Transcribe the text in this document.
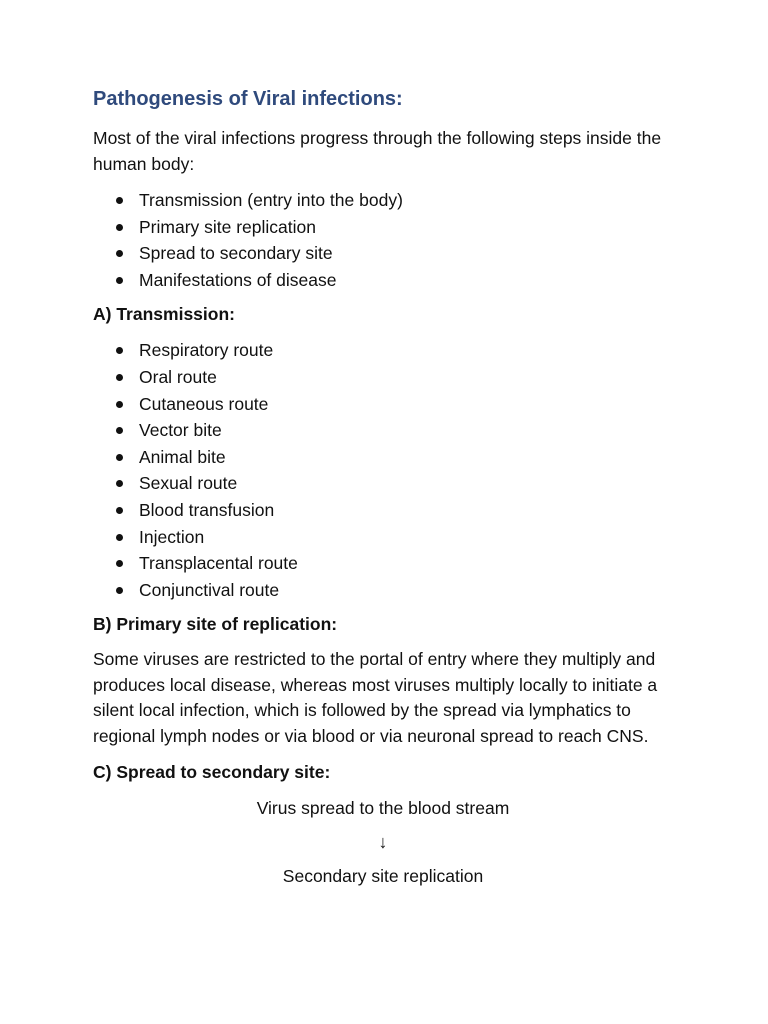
Pathogenesis of Viral infections:

Most of the viral infections progress through the following steps inside the human body:

Transmission (entry into the body)
Primary site replication
Spread to secondary site
Manifestations of disease
A) Transmission:
Respiratory route
Oral route
Cutaneous route
Vector bite
Animal bite
Sexual route
Blood transfusion
Injection
Transplacental route
Conjunctival route
B) Primary site of replication:

Some viruses are restricted to the portal of entry where they multiply and produces local disease, whereas most viruses multiply locally to initiate a silent local infection, which is followed by the spread via lymphatics to regional lymph nodes or via blood or via neuronal spread to reach CNS.

C) Spread to secondary site:

Virus spread to the blood stream

↓

Secondary site replication
